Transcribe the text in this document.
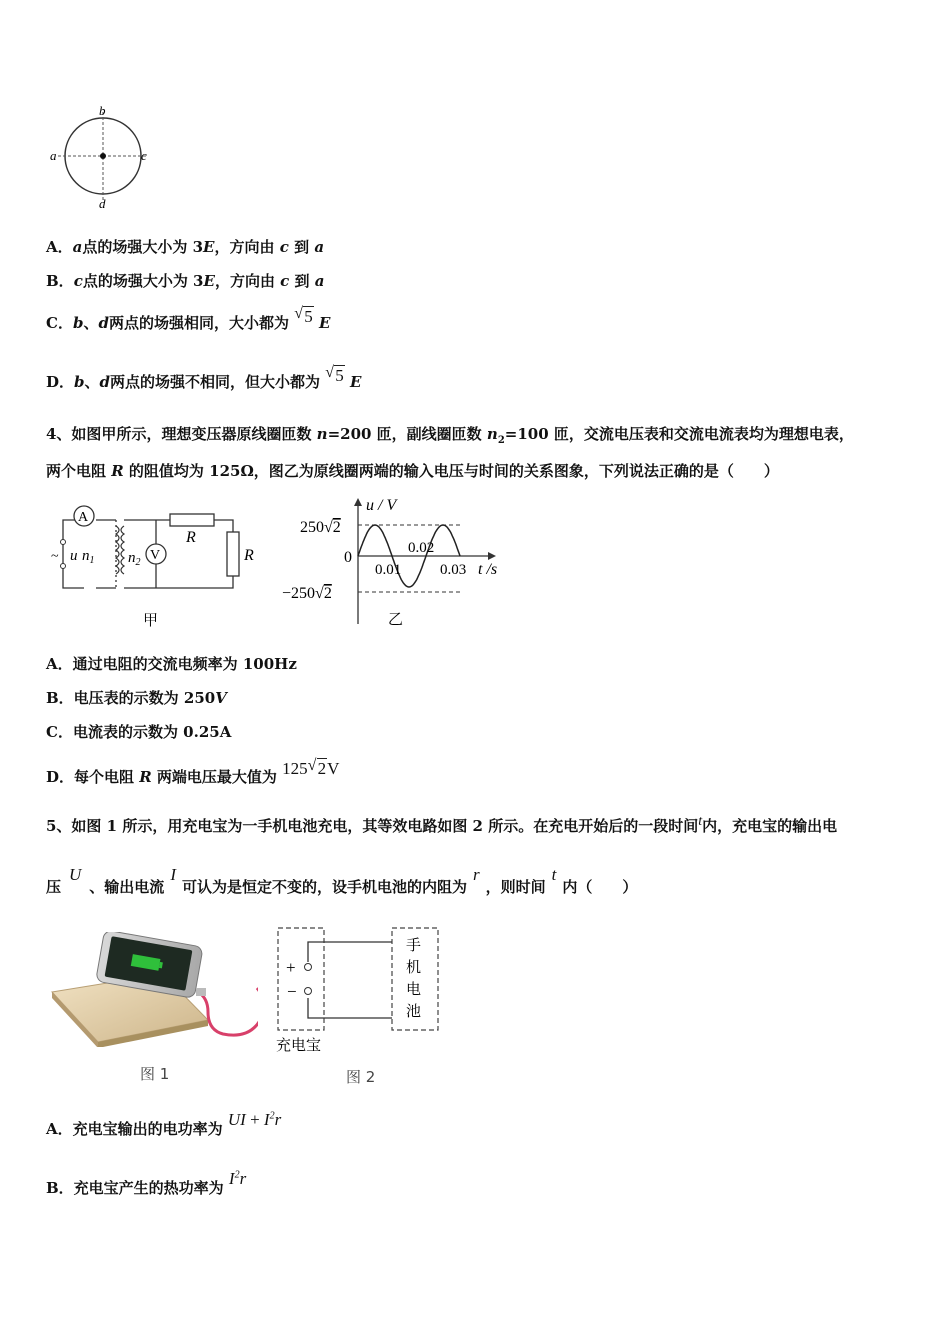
a
b
c
d
A．a点的场强大小为 3E，方向由 c 到 a
B．c点的场强大小为 3E，方向由 c 到 a
C．b、d两点的场强相同，大小都为
√ 5 E
D．b、d两点的场强不相同，但大小都为
√ 5 E
4、如图甲所示，理想变压器原线圈匝数 n=200 匝，副线圈匝数 $n_2=100$ 匝，交流电压表和交流电流表均为理想电表，
两个电阻 R 的阻值均为 125Ω，图乙为原线圈两端的输入电压与时间的关系图象，下列说法正确的是（　　）
A
~ u $n_1$	V
R
R
$n_2$
甲
u / V
250√2
0
−250√2
0.01
0.02
0.03 t /s
乙
A．通过电阻的交流电频率为 100Hz
B．电压表的示数为 250V
C．电流表的示数为 0.25A
D．每个电阻 R 两端电压最大值为 125 √ 2V
5、如图 1 所示，用充电宝为一手机电池充电，其等效电路如图 2 所示。在充电开始后的一段时间t内，充电宝的输出电
压U、输出电流I可认为是恒定不变的，设手机电池的内阻为r，则时间t内（　　）
图 1
+
−
手
机
电
池
充电宝
图 2
A．充电宝输出的电功率为 UI + $I^2r$
B．充电宝产生的热功率为 $I^2r$
